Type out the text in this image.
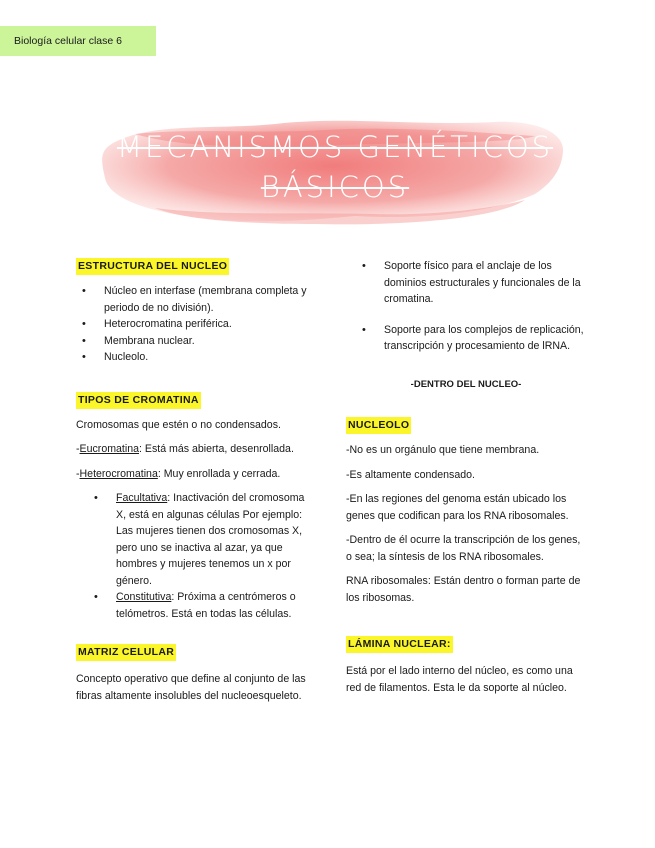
Biología celular clase 6
MECANISMOS GENÉTICOS
BÁSICOS
ESTRUCTURA DEL NUCLEO
• Núcleo en interfase (membrana completa y periodo de no división).
• Heterocromatina periférica.
• Membrana nuclear.
• Nucleolo.
TIPOS DE CROMATINA

Cromosomas que estén o no condensados.

-Eucromatina: Está más abierta, desenrollada.

-Heterocromatina: Muy enrollada y cerrada.

• Facultativa: Inactivación del cromosoma X, está en algunas células Por ejemplo: Las mujeres tienen dos cromosomas X, pero uno se inactiva al azar, ya que hombres y mujeres tenemos un x por género.
• Constitutiva: Próxima a centrómeros o telómetros. Está en todas las células.
MATRIZ CELULAR

Concepto operativo que define al conjunto de las fibras altamente insolubles del nucleoesqueleto.

• Soporte físico para el anclaje de los dominios estructurales y funcionales de la cromatina.
• Soporte para los complejos de replicación, transcripción y procesamiento de lRNA.

-DENTRO DEL NUCLEO-

NUCLEOLO

-No es un orgánulo que tiene membrana.

-Es altamente condensado.

-En las regiones del genoma están ubicado los genes que codifican para los RNA ribosomales.

-Dentro de él ocurre la transcripción de los genes, o sea; la síntesis de los RNA ribosomales.

RNA ribosomales: Están dentro o forman parte de los ribosomas.

LÁMINA NUCLEAR:

Está por el lado interno del núcleo, es como una red de filamentos. Esta le da soporte al núcleo.
